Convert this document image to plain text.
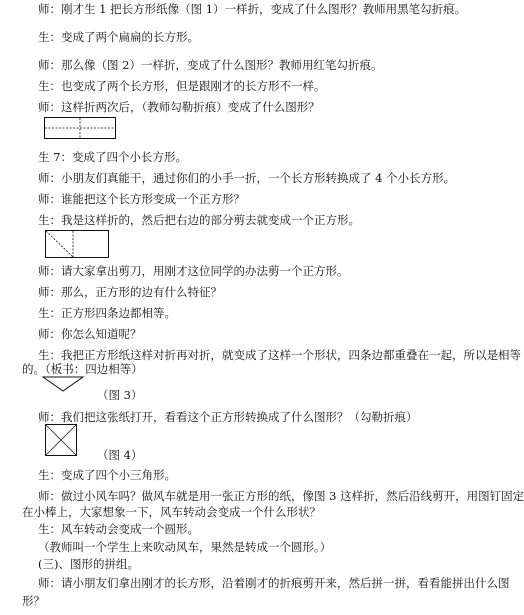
师：刚才生 1 把长方形纸像（图 1）一样折，变成了什么图形？教师用黑笔勾折痕。
生：变成了两个扁扁的长方形。
师：那么像（图 2）一样折，变成了什么图形？教师用红笔勾折痕。
生：也变成了两个长方形，但是跟刚才的长方形不一样。
师：这样折两次后，（教师勾勒折痕）变成了什么图形？
生 7：变成了四个小长方形。
师：小朋友们真能干，通过你们的小手一折，一个长方形转换成了 4 个小长方形。
师：谁能把这个长方形变成一个正方形？
生：我是这样折的，然后把右边的部分剪去就变成一个正方形。
师：请大家拿出剪刀，用刚才这位同学的办法剪一个正方形。
师：那么，正方形的边有什么特征？
生：正方形四条边都相等。
师：你怎么知道呢？
生：我把正方形纸这样对折再对折，就变成了这样一个形状，四条边都重叠在一起，所以是相等
的。（板书：四边相等）
（图 3）
师：我们把这张纸打开，看看这个正方形转换成了什么图形？（勾勒折痕）
（图 4）
生：变成了四个小三角形。
师：做过小风车吗？做风车就是用一张正方形的纸，像图 3 这样折，然后沿线剪开，用图钉固定
在小棒上，大家想象一下，风车转动会变成一个什么形状？
生：风车转动会变成一个圆形。
（教师叫一个学生上来吹动风车，果然是转成一个圆形。）
(三)、图形的拼组。
师：请小朋友们拿出刚才的长方形，沿着刚才的折痕剪开来，然后拼一拼，看看能拼出什么图
形？
